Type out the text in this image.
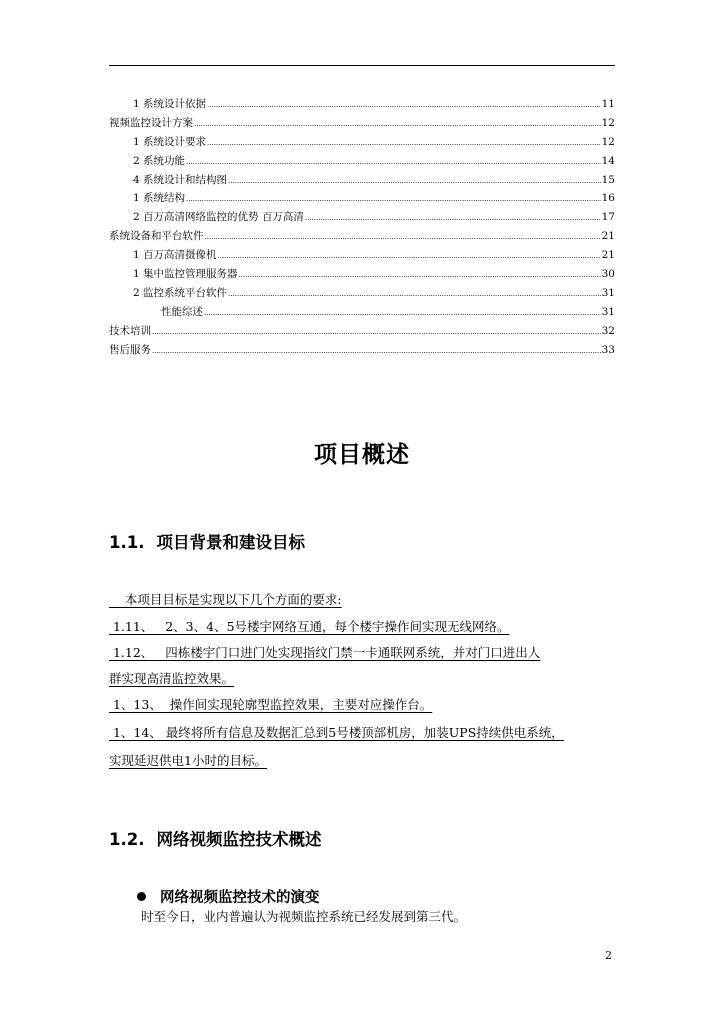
1 系统设计依据 .....	11
视频监控设计方案 .....	12
1 系统设计要求 .....	12
2 系统功能 .....	14
4 系统设计和结构图 .....	15
1 系统结构 .....	16
2 百万高清网络监控的优势 百万高清 .....	17
系统设备和平台软件 .....	21
1 百万高清摄像机 .....	21
1 集中监控管理服务器 .....	30
2 监控系统平台软件 .....	31
性能综述 .....	31
技术培训 .....	32
售后服务 .....	33
项目概述
1.1. 项目背景和建设目标
本项目目标是实现以下几个方面的要求:
1.11、   2、3、4、5号楼宇网络互通，每个楼宇操作间实现无线网络。
1.12、   四栋楼宇门口进门处实现指纹门禁一卡通联网系统，并对门口进出人
群实现高清监控效果。
1、13、  操作间实现轮廓型监控效果，主要对应操作台。
1、14、 最终将所有信息及数据汇总到5号楼顶部机房，加装UPS持续供电系统，
实现延迟供电1小时的目标。
1.2. 网络视频监控技术概述
网络视频监控技术的演变
时至今日，业内普遍认为视频监控系统已经发展到第三代。
2
